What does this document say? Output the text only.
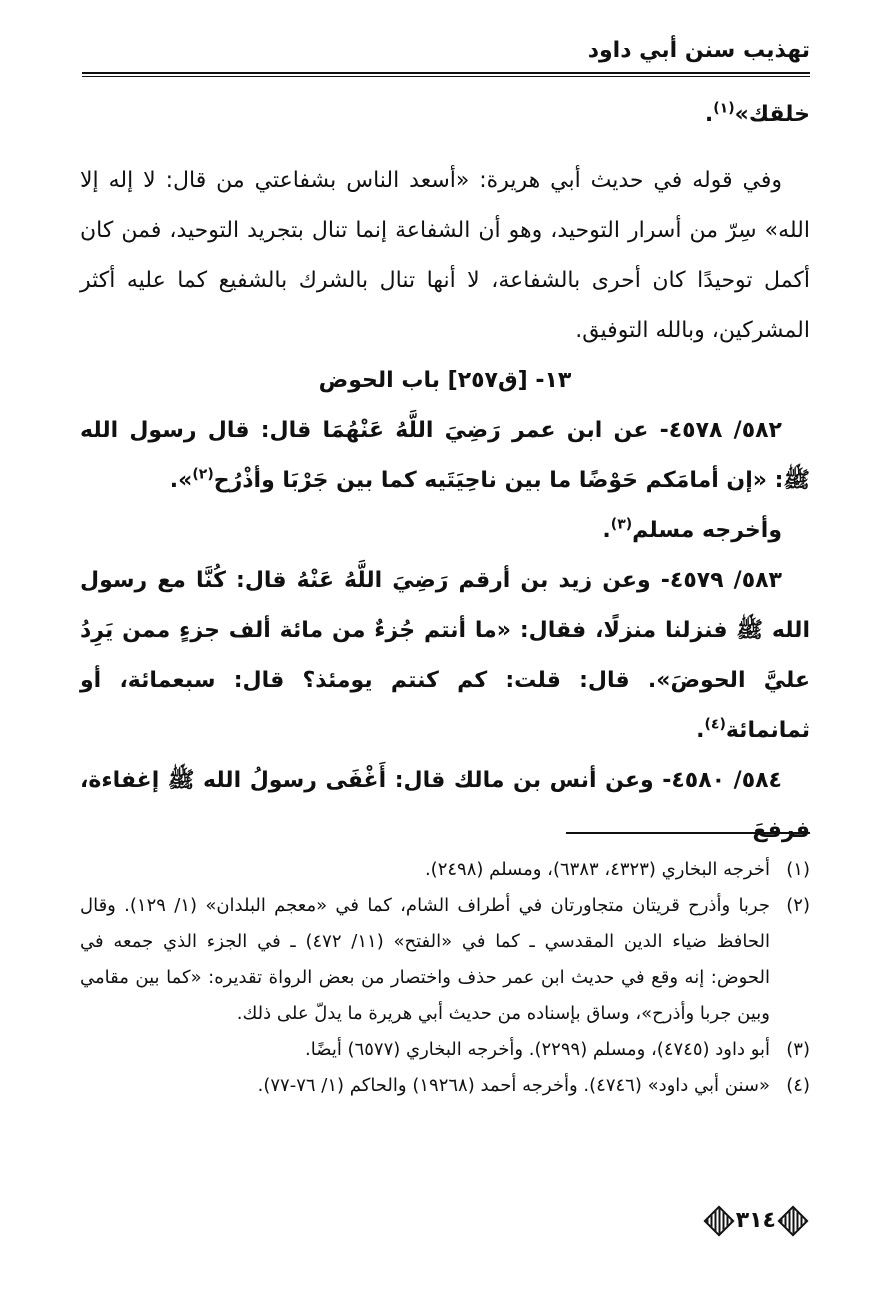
تهذيب سنن أبي داود

خلقك»$^{(١)}$.

وفي قوله في حديث أبي هريرة: «أسعد الناس بشفاعتي من قال: لا إله إلا الله» سِرّ من أسرار التوحيد، وهو أن الشفاعة إنما تنال بتجريد التوحيد، فمن كان أكمل توحيدًا كان أحرى بالشفاعة، لا أنها تنال بالشرك بالشفيع كما عليه أكثر المشركين، وبالله التوفيق.

١٣- [ق٢٥٧] باب الحوض

٥٨٢/ ٤٥٧٨- عن ابن عمر رَضِيَ اللَّهُ عَنْهُمَا قال: قال رسول الله ﷺ: «إن أمامَكم حَوْضًا ما بين ناحِيَتَيه كما بين جَرْبَا وأذْرُح$^{(٢)}$».

وأخرجه مسلم$^{(٣)}$.

٥٨٣/ ٤٥٧٩- وعن زيد بن أرقم رَضِيَ اللَّهُ عَنْهُ قال: كُنَّا مع رسول الله ﷺ فنزلنا منزلًا، فقال: «ما أنتم جُزءٌ من مائة ألف جزءٍ ممن يَرِدُ عليَّ الحوضَ». قال: قلت: كم كنتم يومئذ؟ قال: سبعمائة، أو ثمانمائة$^{(٤)}$.

٥٨٤/ ٤٥٨٠- وعن أنس بن مالك قال: أَغْفَى رسولُ الله ﷺ إغفاءة، فرفعَ

(١)
أخرجه البخاري (٤٣٢٣، ٦٣٨٣)، ومسلم (٢٤٩٨).
(٢)
جربا وأذرح قريتان متجاورتان في أطراف الشام، كما في «معجم البلدان» (١/ ١٢٩). وقال الحافظ ضياء الدين المقدسي ـ كما في «الفتح» (١١/ ٤٧٢) ـ في الجزء الذي جمعه في الحوض: إنه وقع في حديث ابن عمر حذف واختصار من بعض الرواة تقديره: «كما بين مقامي وبين جربا وأذرح»، وساق بإسناده من حديث أبي هريرة ما يدلّ على ذلك.
(٣)
أبو داود (٤٧٤٥)، ومسلم (٢٢٩٩). وأخرجه البخاري (٦٥٧٧) أيضًا.
(٤)
«سنن أبي داود» (٤٧٤٦). وأخرجه أحمد (١٩٢٦٨) والحاكم (١/ ٧٦-٧٧).
٣١٤
